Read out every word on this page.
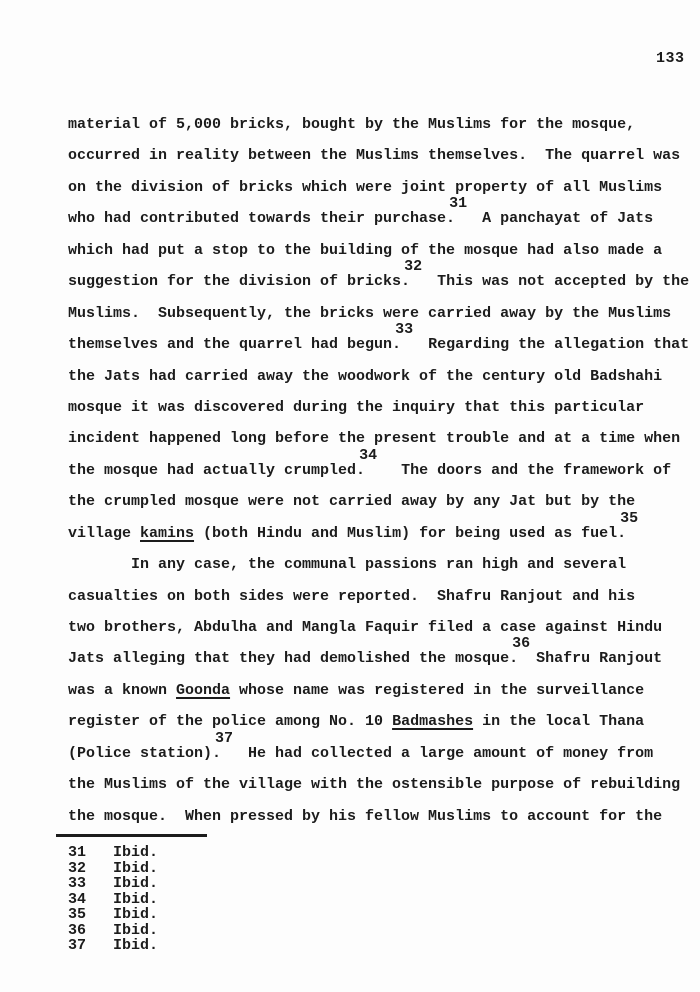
133
material of 5,000 bricks, bought by the Muslims for the mosque,
occurred in reality between the Muslims themselves.  The quarrel was
on the division of bricks which were joint property of all Muslims
who had contributed towards their purchase.31   A panchayat of Jats
which had put a stop to the building of the mosque had also made a
suggestion for the division of bricks.32   This was not accepted by the
Muslims.  Subsequently, the bricks were carried away by the Muslims
themselves and the quarrel had begun.33   Regarding the allegation that
the Jats had carried away the woodwork of the century old Badshahi
mosque it was discovered during the inquiry that this particular
incident happened long before the present trouble and at a time when
the mosque had actually crumpled.34    The doors and the framework of
the crumpled mosque were not carried away by any Jat but by the
village kamins (both Hindu and Muslim) for being used as fuel.35
In any case, the communal passions ran high and several
casualties on both sides were reported.  Shafru Ranjout and his
two brothers, Abdulha and Mangla Faquir filed a case against Hindu
Jats alleging that they had demolished the mosque.36  Shafru Ranjout
was a known Goonda whose name was registered in the surveillance
register of the police among No. 10 Badmashes in the local Thana
(Police station).37   He had collected a large amount of money from
the Muslims of the village with the ostensible purpose of rebuilding
the mosque.  When pressed by his fellow Muslims to account for the
31 Ibid.
32 Ibid.
33 Ibid.
34 Ibid.
35 Ibid.
36 Ibid.
37 Ibid.
